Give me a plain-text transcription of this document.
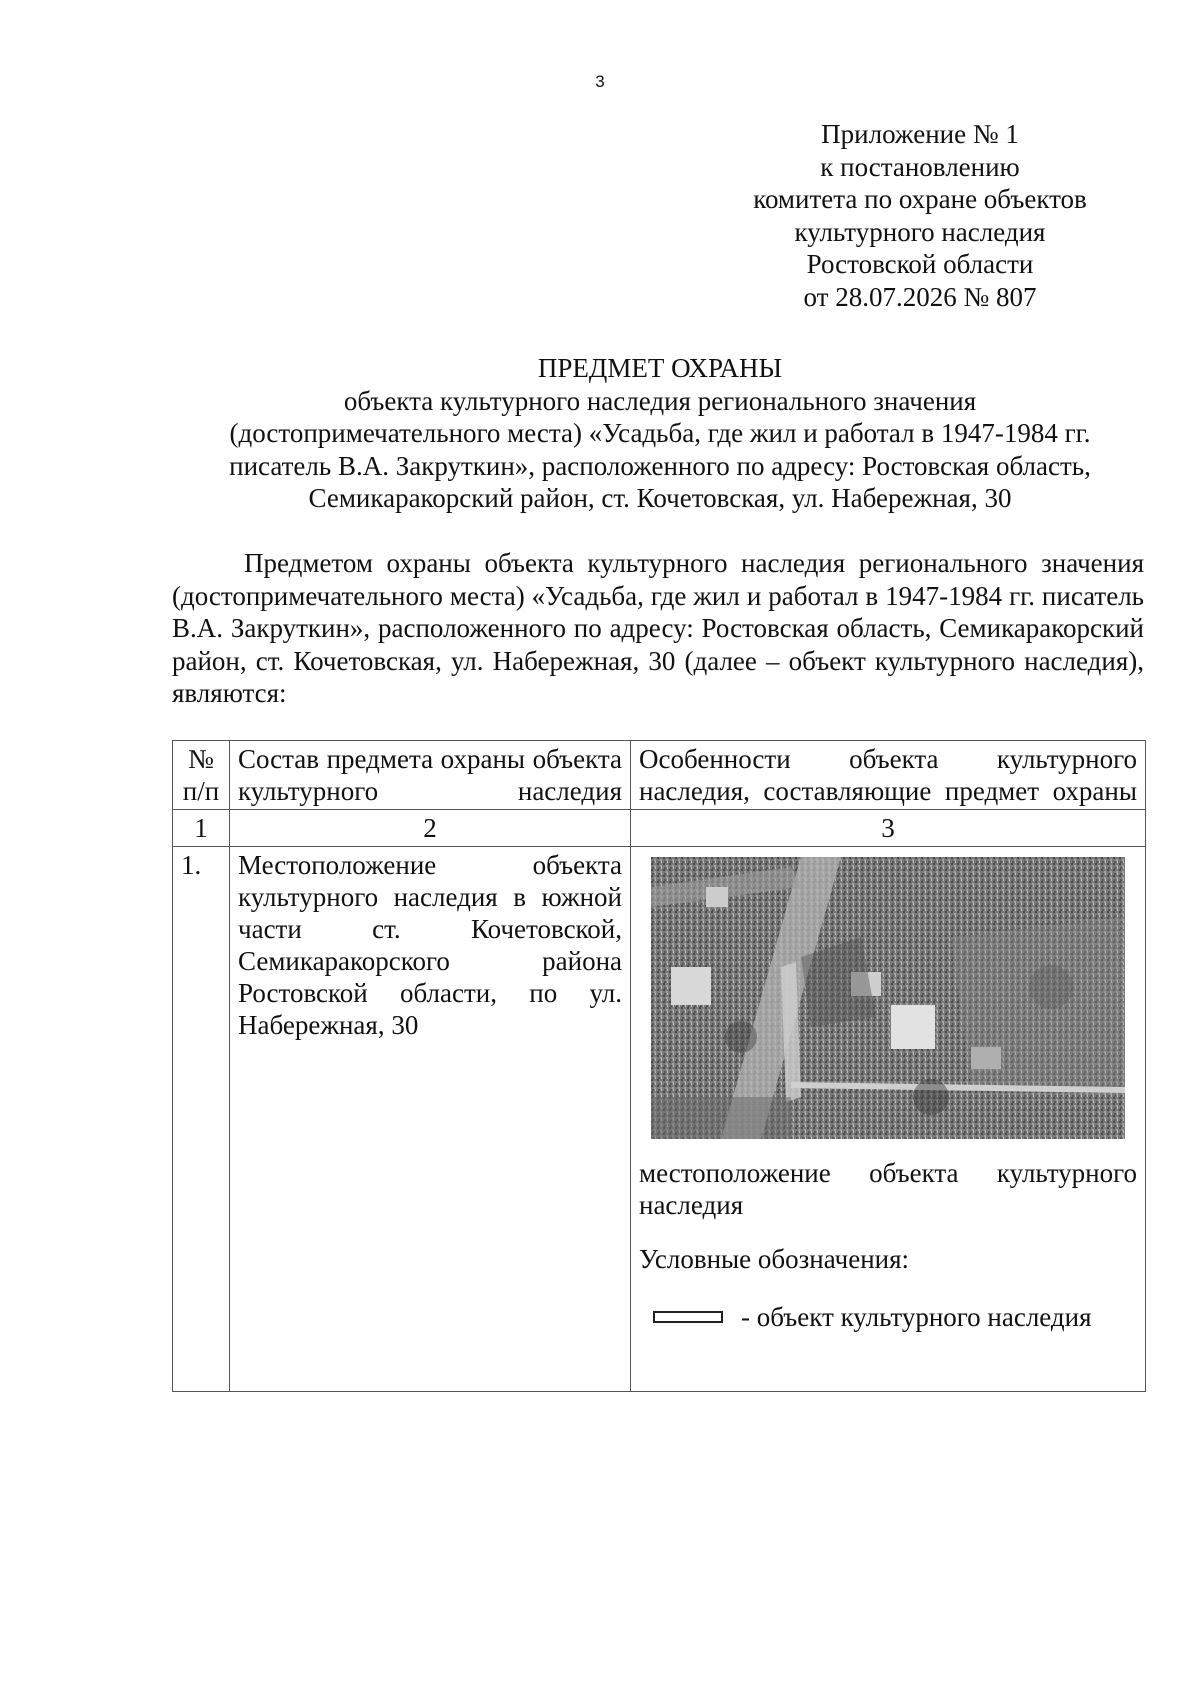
3
Приложение № 1
к постановлению
комитета по охране объектов
культурного наследия
Ростовской области
от 28.07.2026 № 807
ПРЕДМЕТ ОХРАНЫ
объекта культурного наследия регионального значения
(достопримечательного места) «Усадьба, где жил и работал в 1947-1984 гг.
писатель В.А. Закруткин», расположенного по адресу: Ростовская область,
Семикаракорский район, ст. Кочетовская, ул. Набережная, 30

Предметом охраны объекта культурного наследия регионального значения (достопримечательного места) «Усадьба, где жил и работал в 1947-1984 гг. писатель В.А. Закруткин», расположенного по адресу: Ростовская область, Семикаракорский район, ст. Кочетовская, ул. Набережная, 30 (далее – объект культурного наследия), являются:

№ п/п	Состав предмета охраны объекта культурного наследия	Особенности объекта культурного наследия, составляющие предмет охраны
1	2	3
1.	Местоположение объекта культурного наследия в южной части ст. Кочетовской, Семикаракорского района Ростовской области, по ул. Набережная, 30	местоположение объекта культурного
наследия
Условные обозначения:
- объект культурного наследия
